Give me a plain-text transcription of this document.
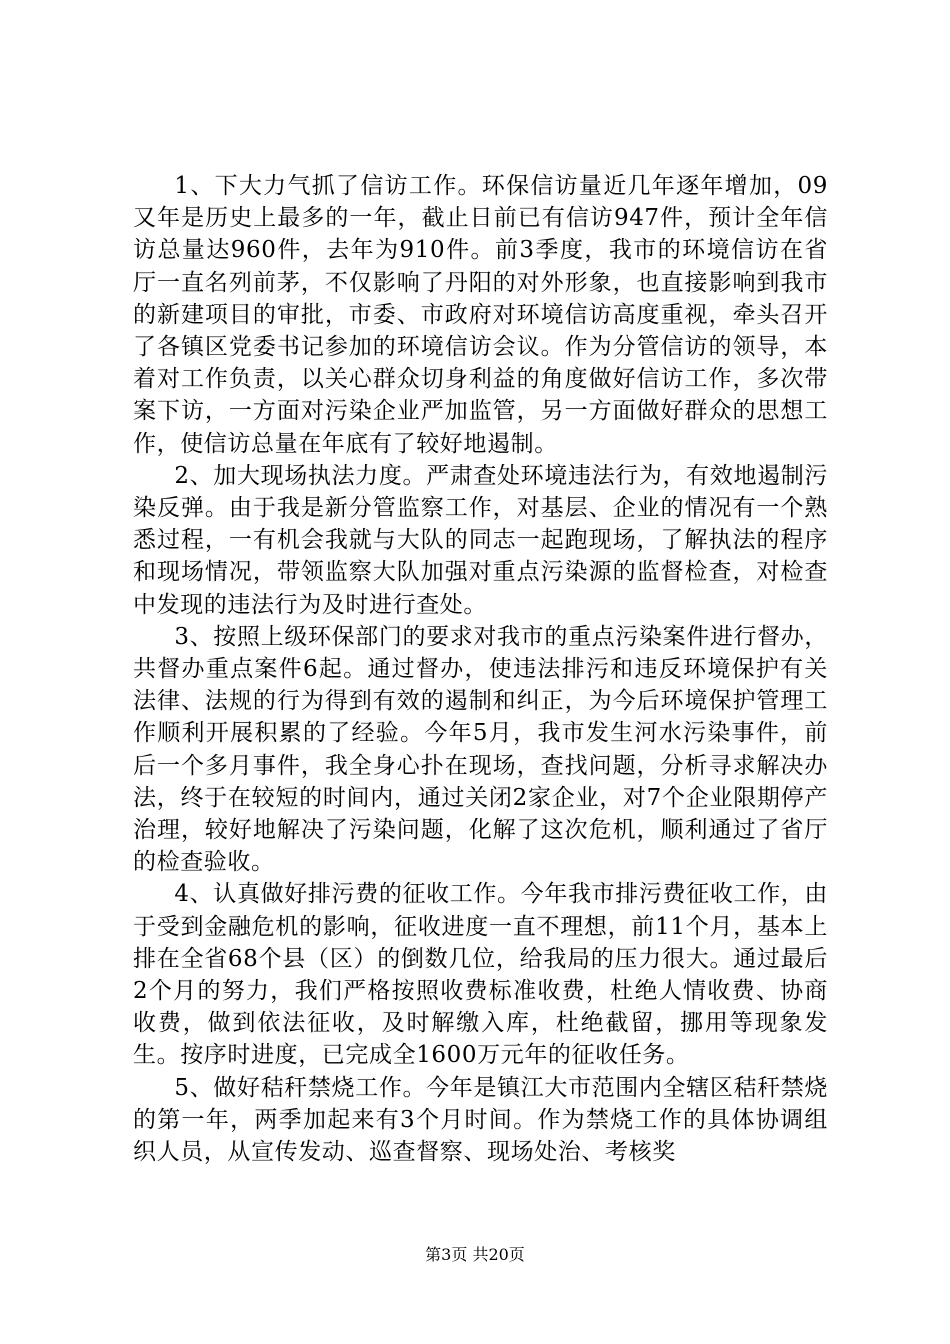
1、下大力气抓了信访工作。环保信访量近几年逐年增加，09又年是历史上最多的一年，截止日前已有信访947件，预计全年信访总量达960件，去年为910件。前3季度，我市的环境信访在省厅一直名列前茅，不仅影响了丹阳的对外形象，也直接影响到我市的新建项目的审批，市委、市政府对环境信访高度重视，牵头召开了各镇区党委书记参加的环境信访会议。作为分管信访的领导，本着对工作负责，以关心群众切身利益的角度做好信访工作，多次带案下访，一方面对污染企业严加监管，另一方面做好群众的思想工作，使信访总量在年底有了较好地遏制。

2、加大现场执法力度。严肃查处环境违法行为，有效地遏制污染反弹。由于我是新分管监察工作，对基层、企业的情况有一个熟悉过程，一有机会我就与大队的同志一起跑现场，了解执法的程序和现场情况，带领监察大队加强对重点污染源的监督检查，对检查中发现的违法行为及时进行查处。

3、按照上级环保部门的要求对我市的重点污染案件进行督办，共督办重点案件6起。通过督办，使违法排污和违反环境保护有关法律、法规的行为得到有效的遏制和纠正，为今后环境保护管理工作顺利开展积累的了经验。今年5月，我市发生河水污染事件，前后一个多月事件，我全身心扑在现场，查找问题，分析寻求解决办法，终于在较短的时间内，通过关闭2家企业，对7个企业限期停产治理，较好地解决了污染问题，化解了这次危机，顺利通过了省厅的检查验收。

4、认真做好排污费的征收工作。今年我市排污费征收工作，由于受到金融危机的影响，征收进度一直不理想，前11个月，基本上排在全省68个县（区）的倒数几位，给我局的压力很大。通过最后2个月的努力，我们严格按照收费标准收费，杜绝人情收费、协商收费，做到依法征收，及时解缴入库，杜绝截留，挪用等现象发生。按序时进度，已完成全1600万元年的征收任务。

5、做好秸秆禁烧工作。今年是镇江大市范围内全辖区秸秆禁烧的第一年，两季加起来有3个月时间。作为禁烧工作的具体协调组织人员，从宣传发动、巡查督察、现场处治、考核奖

第3页 共20页
